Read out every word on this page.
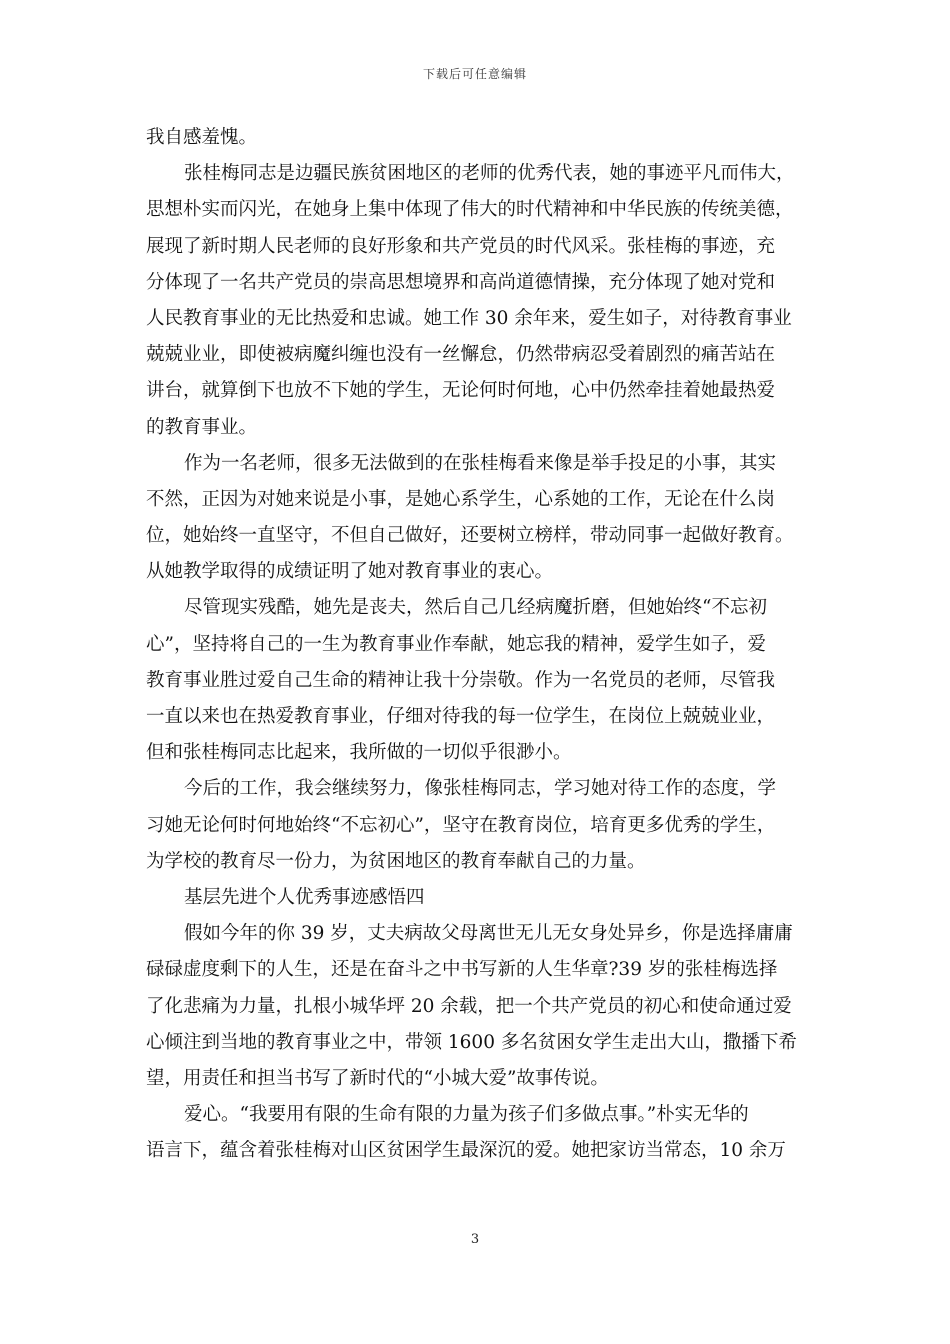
下载后可任意编辑

我自感羞愧。

张桂梅同志是边疆民族贫困地区的老师的优秀代表，她的事迹平凡而伟大，
思想朴实而闪光，在她身上集中体现了伟大的时代精神和中华民族的传统美德，
展现了新时期人民老师的良好形象和共产党员的时代风采。张桂梅的事迹，充
分体现了一名共产党员的崇高思想境界和高尚道德情操，充分体现了她对党和
人民教育事业的无比热爱和忠诚。她工作 30 余年来，爱生如子，对待教育事业
兢兢业业，即使被病魔纠缠也没有一丝懈怠，仍然带病忍受着剧烈的痛苦站在
讲台，就算倒下也放不下她的学生，无论何时何地，心中仍然牵挂着她最热爱
的教育事业。

作为一名老师，很多无法做到的在张桂梅看来像是举手投足的小事，其实
不然，正因为对她来说是小事，是她心系学生，心系她的工作，无论在什么岗
位，她始终一直坚守，不但自己做好，还要树立榜样，带动同事一起做好教育。
从她教学取得的成绩证明了她对教育事业的衷心。

尽管现实残酷，她先是丧夫，然后自己几经病魔折磨，但她始终“不忘初
心”，坚持将自己的一生为教育事业作奉献，她忘我的精神，爱学生如子，爱
教育事业胜过爱自己生命的精神让我十分崇敬。作为一名党员的老师，尽管我
一直以来也在热爱教育事业，仔细对待我的每一位学生，在岗位上兢兢业业，
但和张桂梅同志比起来，我所做的一切似乎很渺小。

今后的工作，我会继续努力，像张桂梅同志，学习她对待工作的态度，学
习她无论何时何地始终“不忘初心”，坚守在教育岗位，培育更多优秀的学生，
为学校的教育尽一份力，为贫困地区的教育奉献自己的力量。

基层先进个人优秀事迹感悟四

假如今年的你 39 岁，丈夫病故父母离世无儿无女身处异乡，你是选择庸庸
碌碌虚度剩下的人生，还是在奋斗之中书写新的人生华章?39 岁的张桂梅选择
了化悲痛为力量，扎根小城华坪 20 余载，把一个共产党员的初心和使命通过爱
心倾注到当地的教育事业之中，带领 1600 多名贫困女学生走出大山，撒播下希
望，用责任和担当书写了新时代的“小城大爱”故事传说。

爱心。“我要用有限的生命有限的力量为孩子们多做点事。”朴实无华的
语言下，蕴含着张桂梅对山区贫困学生最深沉的爱。她把家访当常态，10 余万

3
